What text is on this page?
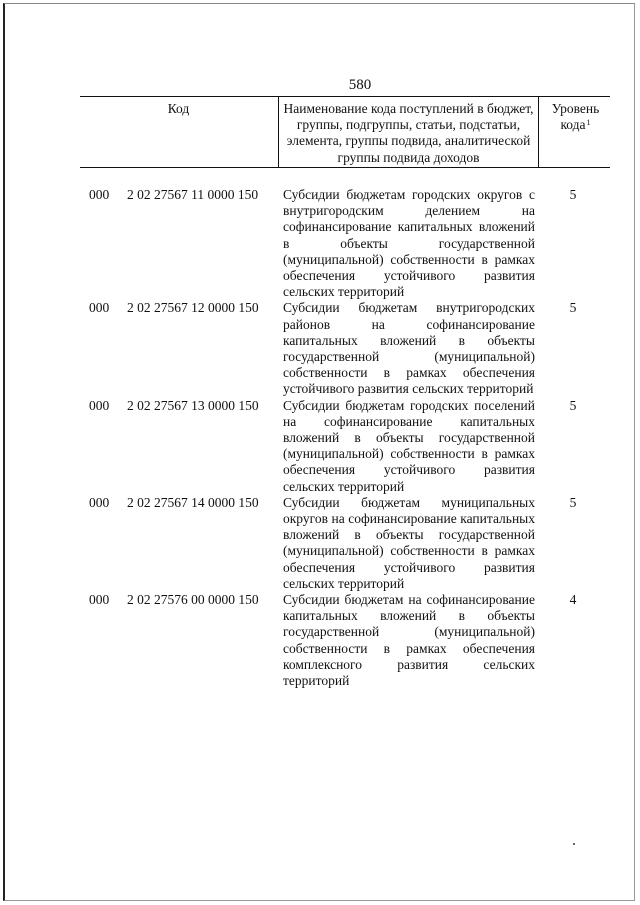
580
Код	Наименование кода поступлений в бюджет, группы, подгруппы, статьи, подстатьи, элемента, группы подвида, аналитической группы подвида доходов
Уровень кода$^1$
000 2 02 27567 11 0000 150 Субсидии бюджетам городских округов с внутригородским делением на софинансирование капитальных вложений в объекты государственной (муниципальной) собственности в рамках обеспечения устойчивого развития сельских территорий
5
000 2 02 27567 12 0000 150 Субсидии бюджетам внутригородских районов на софинансирование капитальных вложений в объекты государственной (муниципальной) собственности в рамках обеспечения устойчивого развития сельских территорий
5
000 2 02 27567 13 0000 150 Субсидии бюджетам городских поселений на софинансирование капитальных вложений в объекты государственной (муниципальной) собственности в рамках обеспечения устойчивого развития сельских территорий
5
000 2 02 27567 14 0000 150 Субсидии бюджетам муниципальных округов на софинансирование капитальных вложений в объекты государственной (муниципальной) собственности в рамках обеспечения устойчивого развития сельских территорий
5
000 2 02 27576 00 0000 150 Субсидии бюджетам на софинансирование капитальных вложений в объекты государственной (муниципальной) собственности в рамках обеспечения комплексного развития сельских территорий
4
